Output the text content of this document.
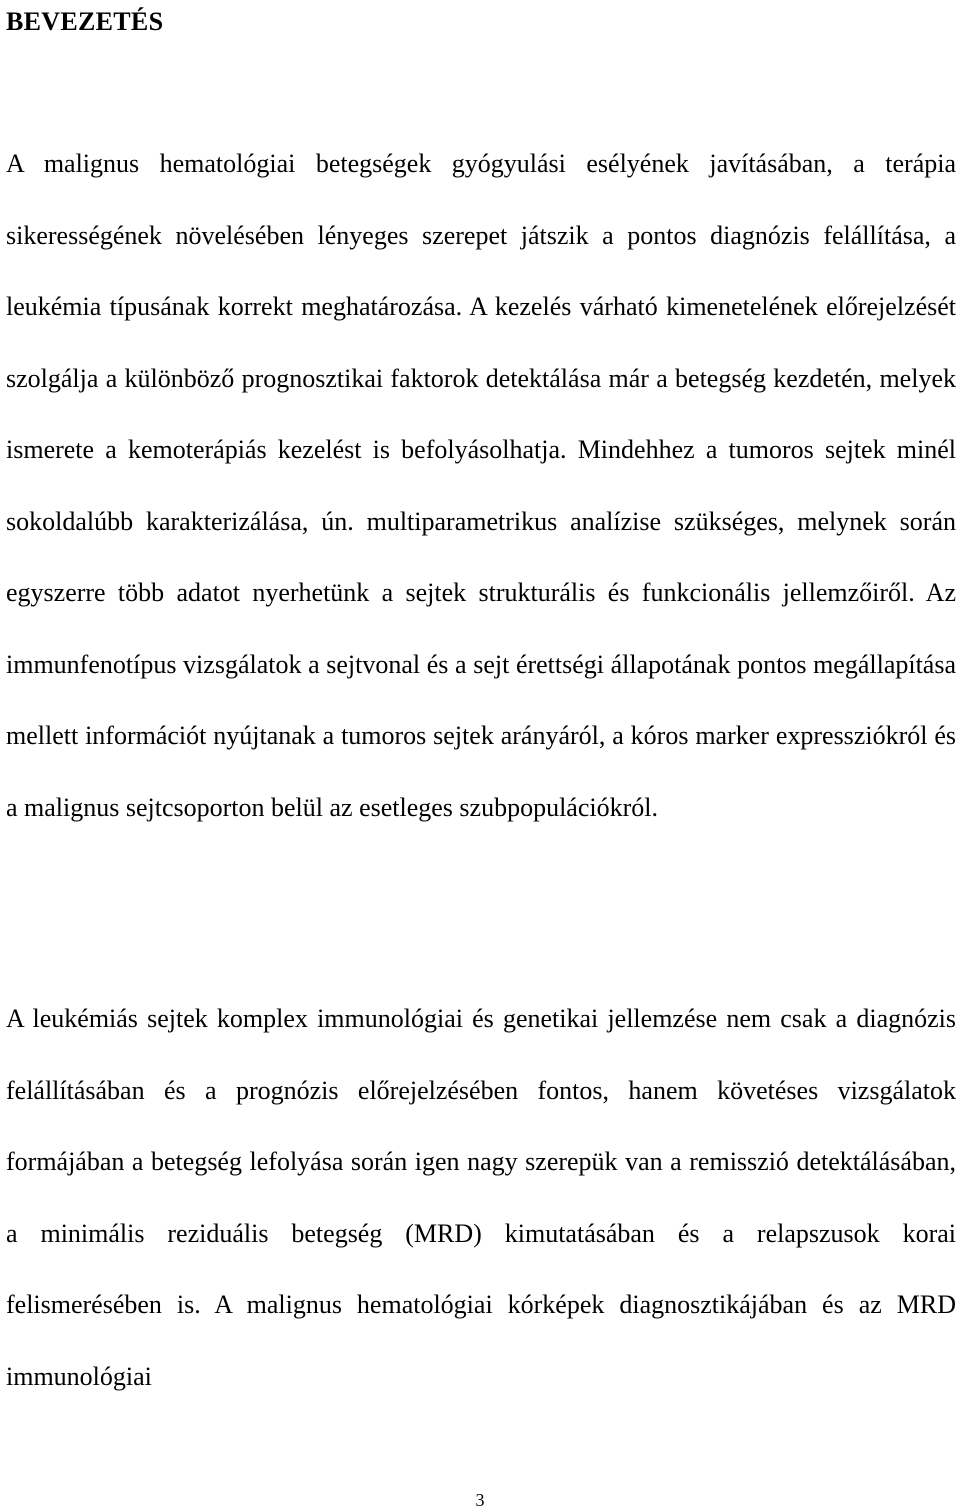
BEVEZETÉS

A malignus hematológiai betegségek gyógyulási esélyének javításában, a terápia sikerességének növelésében lényeges szerepet játszik a pontos diagnózis felállítása, a leukémia típusának korrekt meghatározása. A kezelés várható kimenetelének előrejelzését szolgálja a különböző prognosztikai faktorok detektálása már a betegség kezdetén, melyek ismerete a kemoterápiás kezelést is befolyásolhatja. Mindehhez a tumoros sejtek minél sokoldalúbb karakterizálása, ún. multiparametrikus analízise szükséges, melynek során egyszerre több adatot nyerhetünk a sejtek strukturális és funkcionális jellemzőiről. Az immunfenotípus vizsgálatok a sejtvonal és a sejt érettségi állapotának pontos megállapítása mellett információt nyújtanak a tumoros sejtek arányáról, a kóros marker expressziókról és a malignus sejtcsoporton belül az esetleges szubpopulációkról.

A leukémiás sejtek komplex immunológiai és genetikai jellemzése nem csak a diagnózis felállításában és a prognózis előrejelzésében fontos, hanem követéses vizsgálatok formájában a betegség lefolyása során igen nagy szerepük van a remisszió detektálásában, a minimális reziduális betegség (MRD) kimutatásában és a relapszusok korai felismerésében is. A malignus hematológiai kórképek diagnosztikájában és az MRD immunológiai

3
